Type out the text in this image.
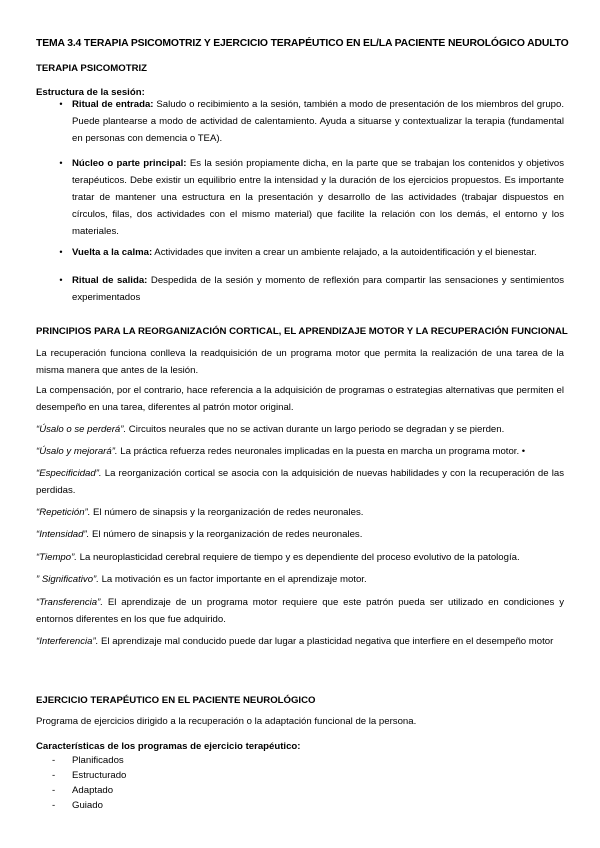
TEMA 3.4 TERAPIA PSICOMOTRIZ Y EJERCICIO TERAPÉUTICO EN EL/LA PACIENTE NEUROLÓGICO ADULTO
TERAPIA PSICOMOTRIZ
Estructura de la sesión:
• Ritual de entrada: Saludo o recibimiento a la sesión, también a modo de presentación de los miembros del grupo. Puede plantearse a modo de actividad de calentamiento. Ayuda a situarse y contextualizar la terapia (fundamental en personas con demencia o TEA).
• Núcleo o parte principal: Es la sesión propiamente dicha, en la parte que se trabajan los contenidos y objetivos terapéuticos. Debe existir un equilibrio entre la intensidad y la duración de los ejercicios propuestos. Es importante tratar de mantener una estructura en la presentación y desarrollo de las actividades (trabajar dispuestos en círculos, filas, dos actividades con el mismo material) que facilite la relación con los demás, el entorno y los materiales.
• Vuelta a la calma: Actividades que inviten a crear un ambiente relajado, a la autoidentificación y el bienestar.
• Ritual de salida: Despedida de la sesión y momento de reflexión para compartir las sensaciones y sentimientos experimentados
PRINCIPIOS PARA LA REORGANIZACIÓN CORTICAL, EL APRENDIZAJE MOTOR Y LA RECUPERACIÓN FUNCIONAL

La recuperación funciona conlleva la readquisición de un programa motor que permita la realización de una tarea de la misma manera que antes de la lesión.

La compensación, por el contrario, hace referencia a la adquisición de programas o estrategias alternativas que permiten el desempeño en una tarea, diferentes al patrón motor original.

“Úsalo o se perderá”. Circuitos neurales que no se activan durante un largo periodo se degradan y se pierden.

“Úsalo y mejorará”. La práctica refuerza redes neuronales implicadas en la puesta en marcha un programa motor. •

“Especificidad”. La reorganización cortical se asocia con la adquisición de nuevas habilidades y con la recuperación de las perdidas.

“Repetición”. El número de sinapsis y la reorganización de redes neuronales.

“Intensidad”. El número de sinapsis y la reorganización de redes neuronales.

“Tiempo”. La neuroplasticidad cerebral requiere de tiempo y es dependiente del proceso evolutivo de la patología.

” Significativo”. La motivación es un factor importante en el aprendizaje motor.

“Transferencia”. El aprendizaje de un programa motor requiere que este patrón pueda ser utilizado en condiciones y entornos diferentes en los que fue adquirido.

“Interferencia”. El aprendizaje mal conducido puede dar lugar a plasticidad negativa que interfiere en el desempeño motor

EJERCICIO TERAPÉUTICO EN EL PACIENTE NEUROLÓGICO

Programa de ejercicios dirigido a la recuperación o la adaptación funcional de la persona.

Características de los programas de ejercicio terapéutico:
- Planificados
- Estructurado
- Adaptado
- Guiado
